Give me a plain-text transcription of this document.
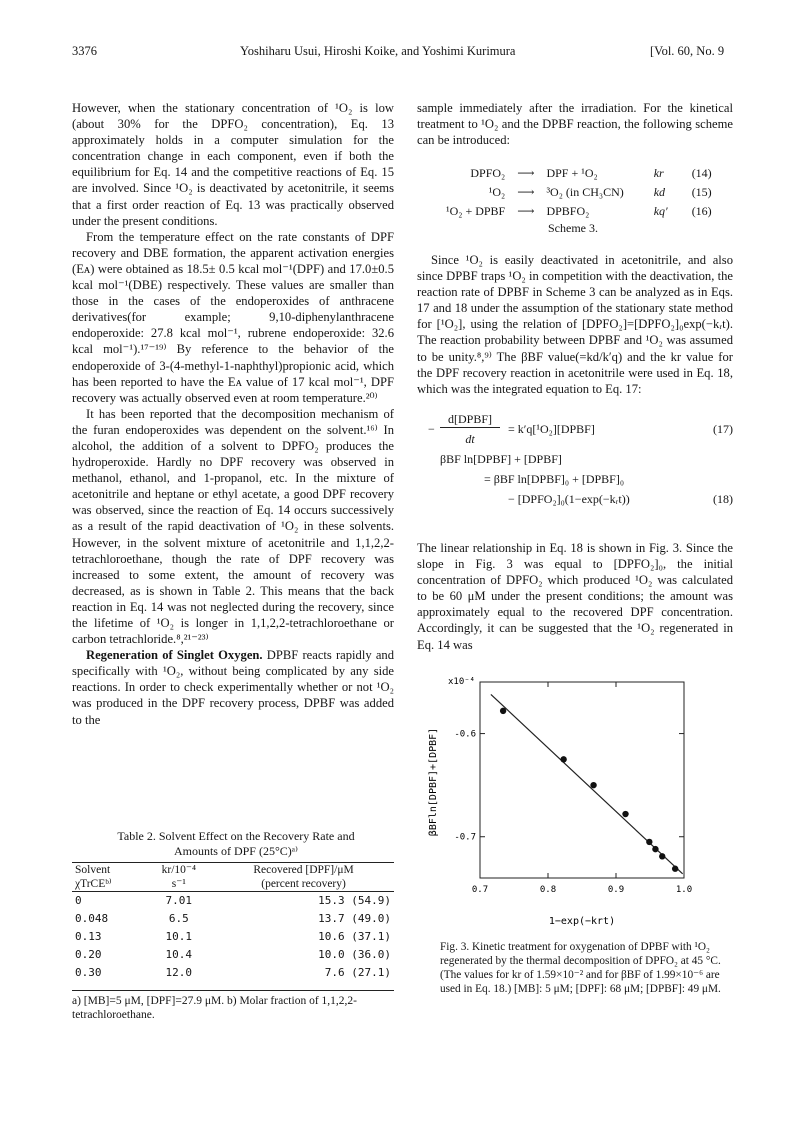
3376	Yoshiharu Usui, Hiroshi Koike, and Yoshimi Kurimura	[Vol. 60, No. 9

However, when the stationary concentration of ¹O₂ is low (about 30% for the DPFO₂ concentration), Eq. 13 approximately holds in a computer simulation for the concentration change in each component, even if both the equilibrium for Eq. 14 and the competitive reactions of Eq. 15 are involved. Since ¹O₂ is deactivated by acetonitrile, it seems that a first order reaction of Eq. 13 was practically observed under the present conditions.

From the temperature effect on the rate constants of DPF recovery and DBE formation, the apparent activation energies (Eᴀ) were obtained as 18.5± 0.5 kcal mol⁻¹(DPF) and 17.0±0.5 kcal mol⁻¹(DBE) respectively. These values are smaller than those in the cases of the endoperoxides of anthracene derivatives(for example; 9,10-diphenylanthracene endoperoxide: 27.8 kcal mol⁻¹, rubrene endoperoxide: 32.6 kcal mol⁻¹).¹⁷⁻¹⁹⁾ By reference to the behavior of the endoperoxide of 3-(4-methyl-1-naphthyl)propionic acid, which has been reported to have the Eᴀ value of 17 kcal mol⁻¹, DPF recovery was actually observed even at room temperature.²⁰⁾

It has been reported that the decomposition mechanism of the furan endoperoxides was dependent on the solvent.¹⁶⁾ In alcohol, the addition of a solvent to DPFO₂ produces the hydroperoxide. Hardly no DPF recovery was observed in methanol, ethanol, and 1-propanol, etc. In the mixture of acetonitrile and heptane or ethyl acetate, a good DPF recovery was observed, since the reaction of Eq. 14 occurs successively as a result of the rapid deactivation of ¹O₂ in these solvents. However, in the solvent mixture of acetonitrile and 1,1,2,2-tetrachloroethane, though the rate of DPF recovery was increased to some extent, the amount of recovery was decreased, as is shown in Table 2. This means that the back reaction in Eq. 14 was not neglected during the recovery, since the lifetime of ¹O₂ is longer in 1,1,2,2-tetrachloroethane or carbon tetrachloride.⁸,²¹⁻²³⁾

Regeneration of Singlet Oxygen. DPBF reacts rapidly and specifically with ¹O₂, without being complicated by any side reactions. In order to check experimentally whether or not ¹O₂ was produced in the DPF recovery process, DPBF was added to the

Table 2. Solvent Effect on the Recovery Rate and
Amounts of DPF (25°C)ᵃ⁾
Solvent	kr/10⁻⁴	Recovered [DPF]/μM
χTrCEᵇ⁾	s⁻¹	(percent recovery)
0	7.01	15.3 (54.9)
0.048	6.5	13.7 (49.0)
0.13	10.1	10.6 (37.1)
0.20	10.4	10.0 (36.0)
0.30	12.0	7.6 (27.1)
a) [MB]=5 μM, [DPF]=27.9 μM. b) Molar fraction of 1,1,2,2-tetrachloroethane.

sample immediately after the irradiation. For the kinetical treatment to ¹O₂ and the DPBF reaction, the following scheme can be introduced:

DPFO₂	⟶	DPF + ¹O₂	kr	(14)
¹O₂	⟶	³O₂ (in CH₃CN)	kd	(15)
¹O₂ + DPBF	⟶	DPBFO₂	kq′	(16)
Scheme 3.

Since ¹O₂ is easily deactivated in acetonitrile, and also since DPBF traps ¹O₂ in competition with the deactivation, the reaction rate of DPBF in Scheme 3 can be analyzed as in Eqs. 17 and 18 under the assumption of the stationary state method for [¹O₂], using the relation of [DPFO₂]=[DPFO₂]₀exp(−kᵣt). The reaction probability between DPBF and ¹O₂ was assumed to be unity.⁸,⁹⁾ The βBF value(=kd/k′q) and the kr value for the DPF recovery reaction in acetonitrile were used in Eq. 18, which was the integrated equation to Eq. 17:

−
d[DPBF]
dt
= k′q[¹O₂][DPBF]	(17)
βBF ln[DPBF] + [DPBF]
= βBF ln[DPBF]₀ + [DPBF]₀
− [DPFO₂]₀(1−exp(−kᵣt))	(18)

The linear relationship in Eq. 18 is shown in Fig. 3. Since the slope in Fig. 3 was equal to [DPFO₂]₀, the initial concentration of DPFO₂ which produced ¹O₂ was calculated to be 60 μM under the present conditions; the amount was approximately equal to the recovered DPF concentration. Accordingly, it can be suggested that the ¹O₂ regenerated in Eq. 14 was

x10⁻⁴
βBFln[DPBF]+[DPBF]
1−exp(−krt)
0.7	0.8	0.9	1.0
-0.6
-0.7
Fig. 3. Kinetic treatment for oxygenation of DPBF with ¹O₂ regenerated by the thermal decomposition of DPFO₂ at 45 °C. (The values for kr of 1.59×10⁻² and for βBF of 1.99×10⁻⁶ are used in Eq. 18.) [MB]: 5 μM; [DPF]: 68 μM; [DPBF]: 49 μM.
